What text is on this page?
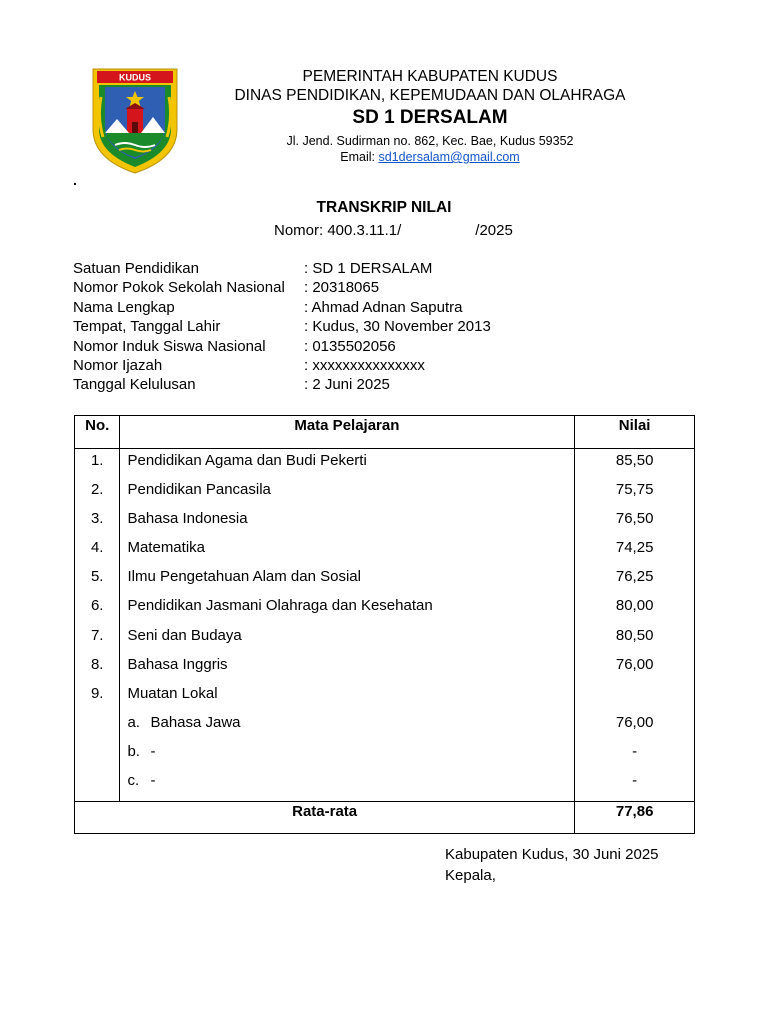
KUDUS	PEMERINTAH KABUPATEN KUDUS
DINAS PENDIDIKAN, KEPEMUDAAN DAN OLAHRAGA
SD 1 DERSALAM
Jl. Jend. Sudirman no. 862, Kec. Bae, Kudus 59352
Email: sd1dersalam@gmail.com
.
TRANSKRIP NILAI
Nomor: 400.3.11.1/	/2025
Satuan Pendidikan	: SD 1 DERSALAM
Nomor Pokok Sekolah Nasional	: 20318065
Nama Lengkap	: Ahmad Adnan Saputra
Tempat, Tanggal Lahir	: Kudus, 30 November 2013
Nomor Induk Siswa Nasional	: 0135502056
Nomor Ijazah	: xxxxxxxxxxxxxxx
Tanggal Kelulusan	: 2 Juni 2025
No.	Mata Pelajaran	Nilai
1.	Pendidikan Agama dan Budi Pekerti	85,50
2.	Pendidikan Pancasila	75,75
3.	Bahasa Indonesia	76,50
4.	Matematika	74,25
5.	Ilmu Pengetahuan Alam dan Sosial	76,25
6.	Pendidikan Jasmani Olahraga dan Kesehatan	80,00
7.	Seni dan Budaya	80,50
8.	Bahasa Inggris	76,00
9.	Muatan Lokal	
	a. Bahasa Jawa	76,00
	b. -	-
	c. -	-
Rata-rata		77,86
Kabupaten Kudus, 30 Juni 2025
Kepala,
